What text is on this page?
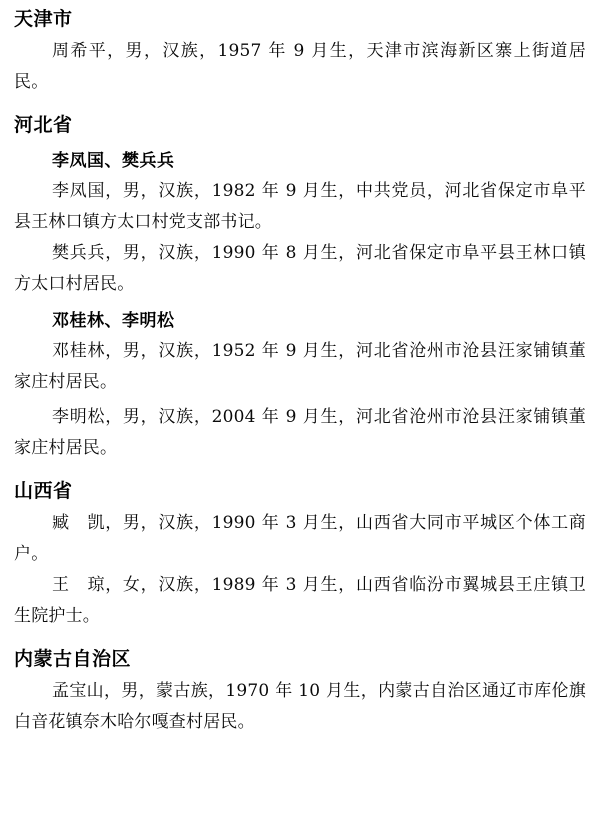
天津市

周希平，男，汉族，1957 年 9 月生，天津市滨海新区寨上街道居民。

河北省
李凤国、樊兵兵

李凤国，男，汉族，1982 年 9 月生，中共党员，河北省保定市阜平县王林口镇方太口村党支部书记。

樊兵兵，男，汉族，1990 年 8 月生，河北省保定市阜平县王林口镇方太口村居民。

邓桂林、李明松

邓桂林，男，汉族，1952 年 9 月生，河北省沧州市沧县汪家铺镇董家庄村居民。

李明松，男，汉族，2004 年 9 月生，河北省沧州市沧县汪家铺镇董家庄村居民。

山西省

臧　凯，男，汉族，1990 年 3 月生，山西省大同市平城区个体工商户。

王　琼，女，汉族，1989 年 3 月生，山西省临汾市翼城县王庄镇卫生院护士。

内蒙古自治区

孟宝山，男，蒙古族，1970 年 10 月生，内蒙古自治区通辽市库伦旗白音花镇奈木哈尔嘎查村居民。
